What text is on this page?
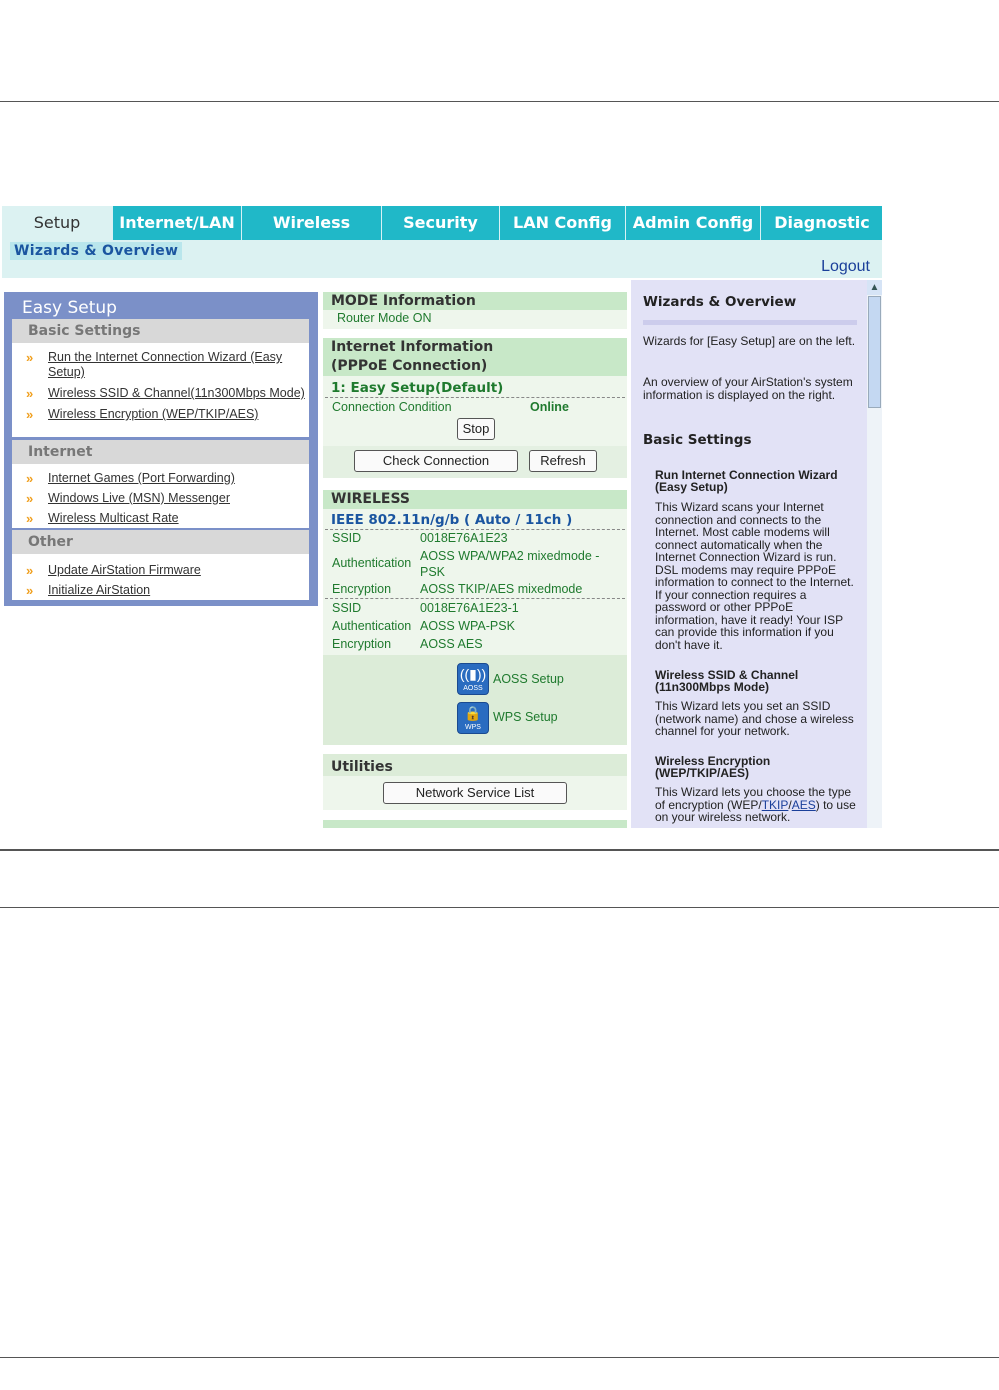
Setup	Internet/LAN	Wireless	Security	LAN Config	Admin Config	Diagnostic
Wizards & Overview
Logout
Easy Setup
Basic Settings
» Run the Internet Connection Wizard (Easy Setup)
» Wireless SSID & Channel(11n300Mbps Mode)
» Wireless Encryption (WEP/TKIP/AES)
Internet
» Internet Games (Port Forwarding)
» Windows Live (MSN) Messenger
» Wireless Multicast Rate
Other
» Update AirStation Firmware
» Initialize AirStation
MODE Information
Router Mode ON
Internet Information
(PPPoE Connection)
1: Easy Setup(Default)
Connection Condition	Online
Stop
Check Connection	Refresh
WIRELESS
IEEE 802.11n/g/b ( Auto / 11ch )
SSID	0018E76A1E23
Authentication AOSS WPA/WPA2 mixedmode - PSK
Encryption AOSS TKIP/AES mixedmode
SSID	0018E76A1E23-1
Authentication AOSS WPA-PSK
Encryption AOSS AES
((▮))
AOSS
AOSS Setup
🔒
WPS
WPS Setup
Utilities
Network Service List
Wizards & Overview
Wizards for [Easy Setup] are on the left.
An overview of your AirStation's system information is displayed on the right.
Basic Settings
Run Internet Connection Wizard (Easy Setup)
This Wizard scans your Internet connection and connects to the Internet. Most cable modems will connect automatically when the Internet Connection Wizard is run. DSL modems may require PPPoE information to connect to the Internet. If your connection requires a password or other PPPoE information, have it ready! Your ISP can provide this information if you don't have it.
Wireless SSID & Channel (11n300Mbps Mode)
This Wizard lets you set an SSID (network name) and chose a wireless channel for your network.
Wireless Encryption (WEP/TKIP/AES)
This Wizard lets you choose the type of encryption (WEP/TKIP/AES) to use on your wireless network.
▲
